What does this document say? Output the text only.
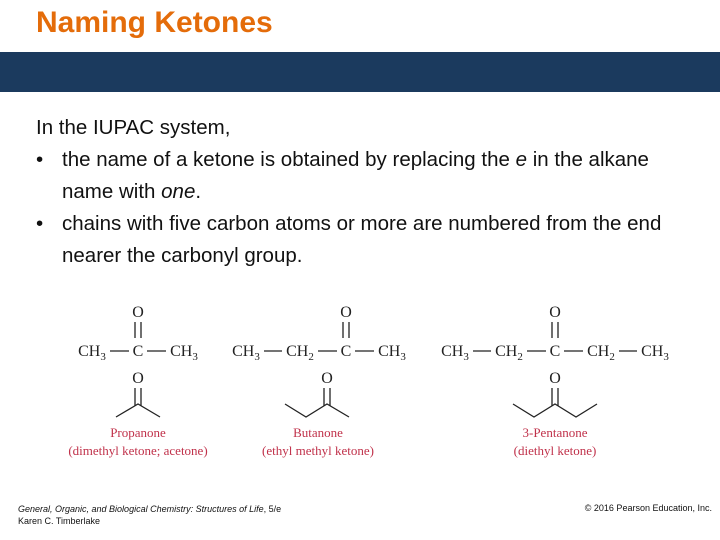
Naming Ketones
In the IUPAC system,
• the name of a ketone is obtained by replacing the e in the alkane name with one.
• chains with five carbon atoms or more are numbered from the end nearer the carbonyl group.
O
$CH_3$ C $CH_3$
O
$CH_3$ $CH_2$ C $CH_3$
O
$CH_3$ $CH_2$ C $CH_2$ $CH_3$
O	O	O
Propanone
(dimethyl ketone; acetone)
Butanone
(ethyl methyl ketone)
3-Pentanone
(diethyl ketone)
General, Organic, and Biological Chemistry: Structures of Life, 5/e
Karen C. Timberlake
© 2016 Pearson Education, Inc.
